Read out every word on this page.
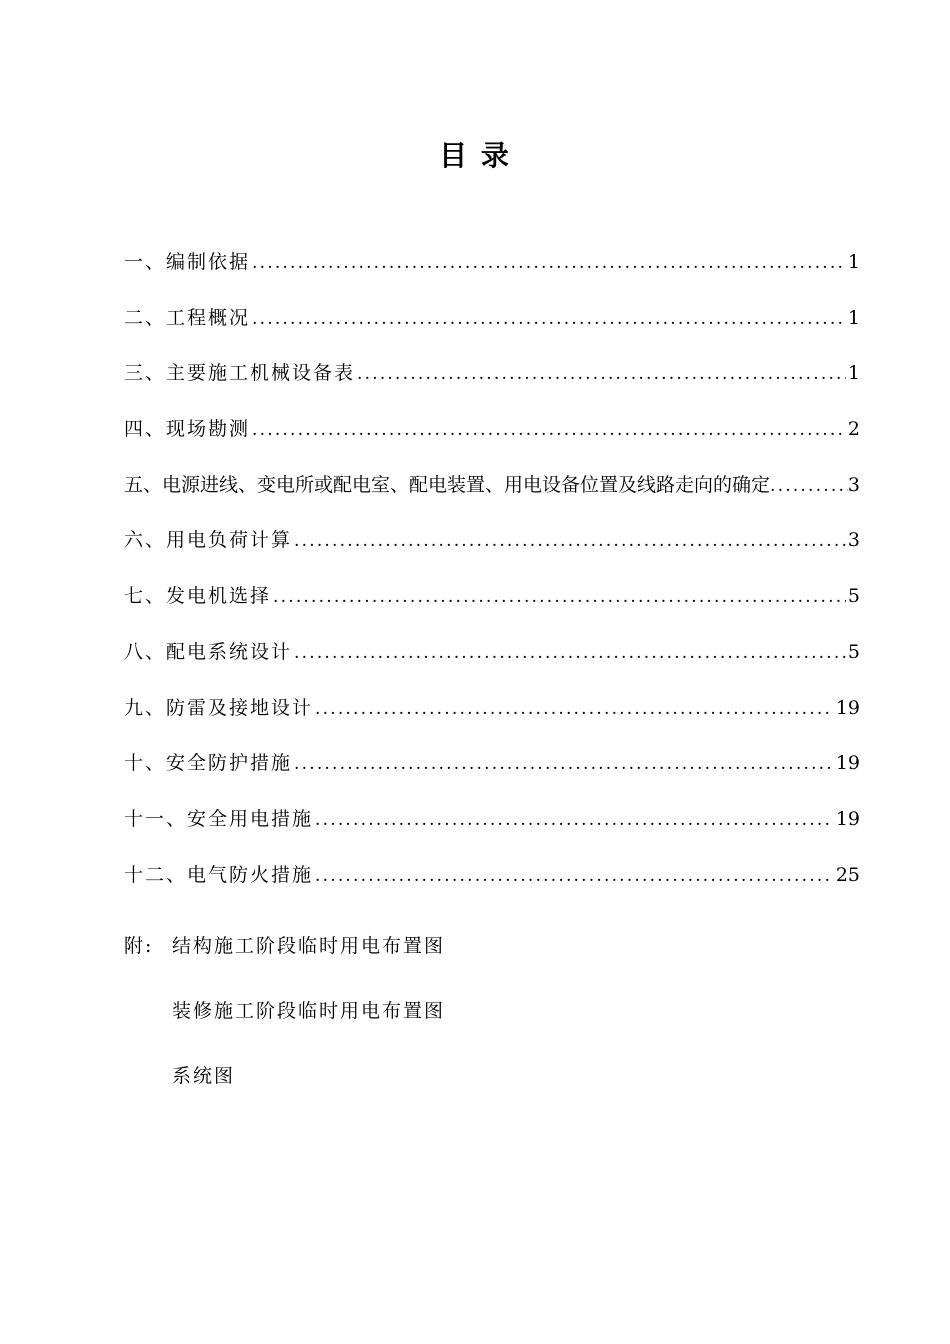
目 录
一、编制依据 .....	1
二、工程概况 .....	1
三、主要施工机械设备表 .....	1
四、现场勘测 .....	2
五、电源进线、变电所或配电室、配电装置、用电设备位置及线路走向的确定 .....	3
六、用电负荷计算 .....	3
七、发电机选择 .....	5
八、配电系统设计 .....	5
九、防雷及接地设计 .....	19
十、安全防护措施 .....	19
十一、安全用电措施 .....	19
十二、电气防火措施 .....	25
附: 结构施工阶段临时用电布置图
装修施工阶段临时用电布置图
系统图
